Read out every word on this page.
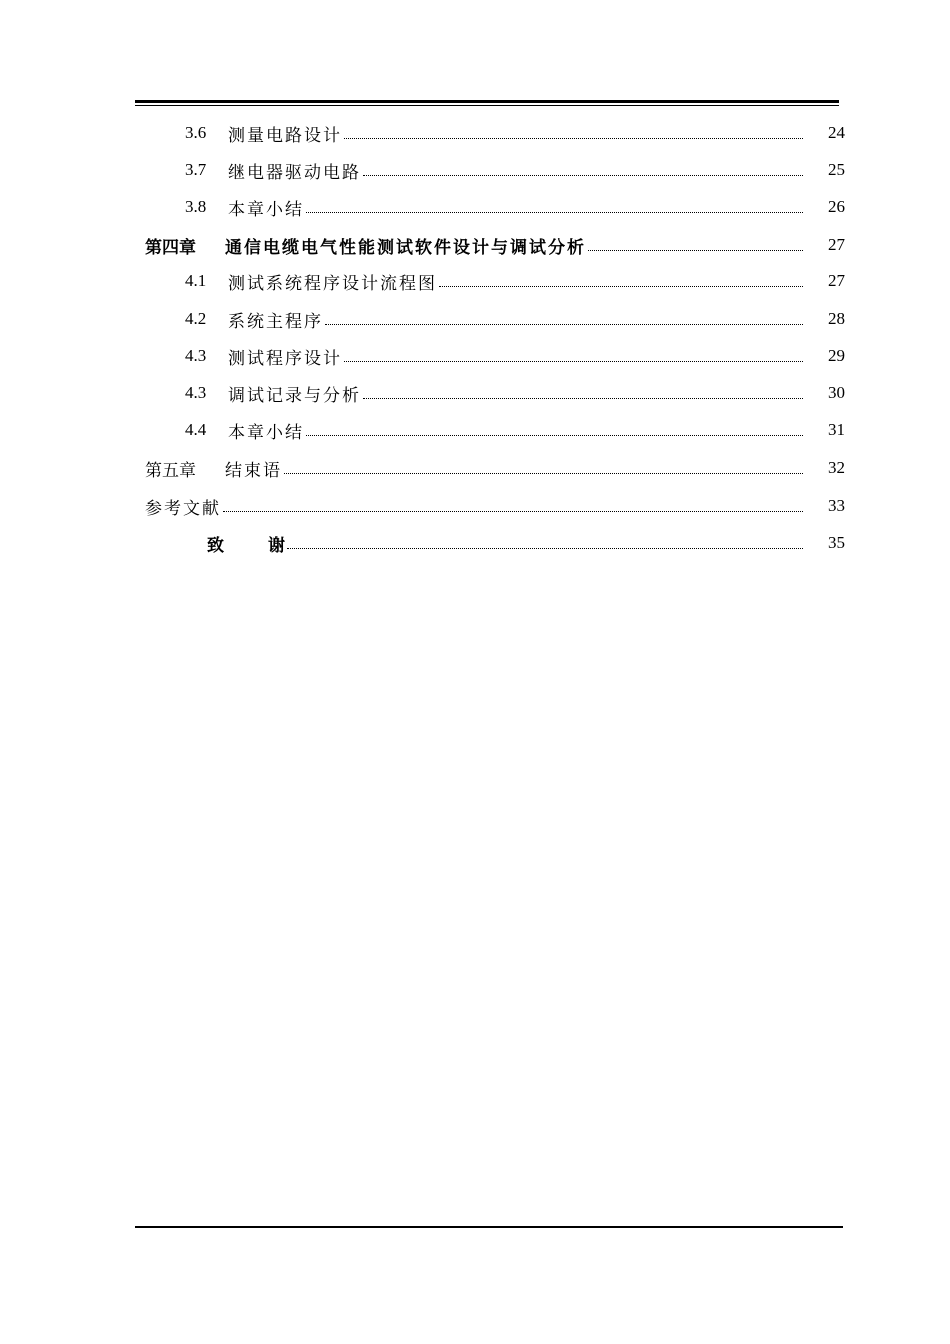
3.6	测量电路设计	24
3.7	继电器驱动电路	25
3.8	本章小结	26
第四章	通信电缆电气性能测试软件设计与调试分析	27
4.1	测试系统程序设计流程图	27
4.2	系统主程序	28
4.3	测试程序设计	29
4.3	调试记录与分析	30
4.4	本章小结	31
第五章	结束语	32
参考文献	33
致	谢	35
